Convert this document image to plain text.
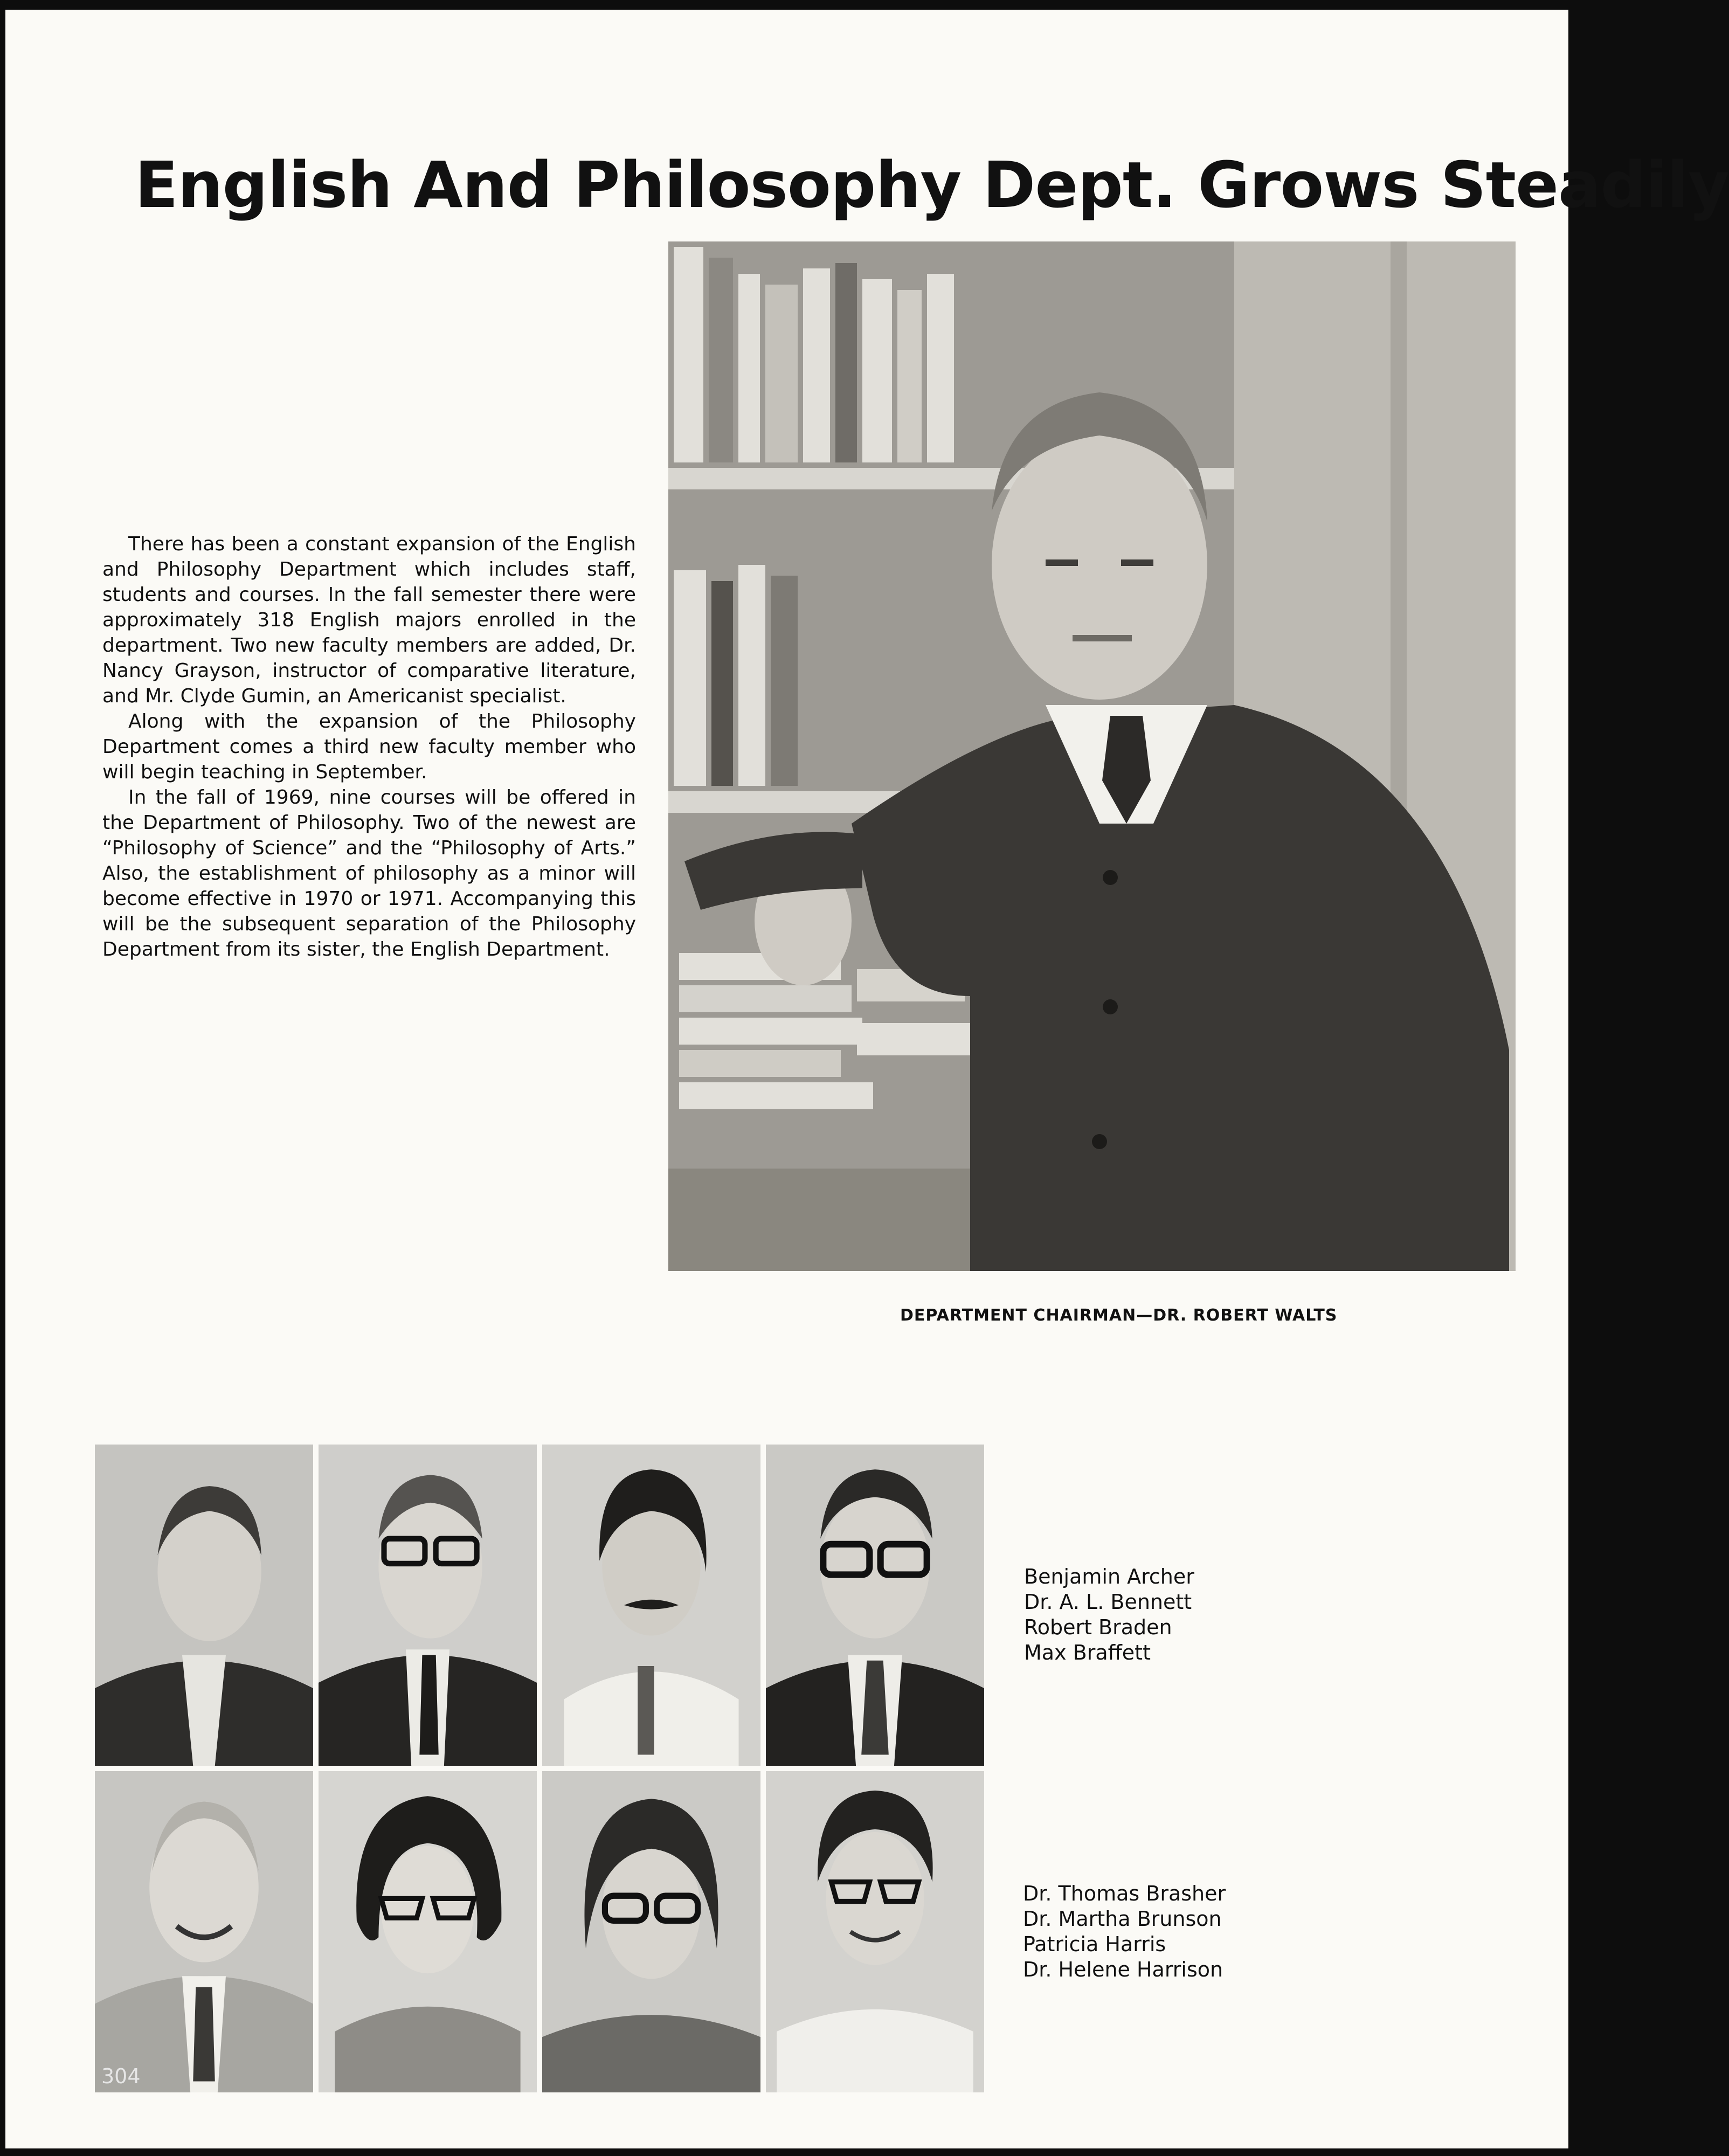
English And Philosophy Dept. Grows Steadily

There has been a constant expansion of the English and Philosophy Department which includes staff, students and courses. In the fall semester there were approximately 318 English majors enrolled in the department. Two new faculty members are added, Dr. Nancy Grayson, instructor of comparative literature, and Mr. Clyde Gumin, an Americanist specialist.

Along with the expansion of the Philosophy Department comes a third new faculty member who will begin teaching in September.

In the fall of 1969, nine courses will be offered in the Department of Philosophy. Two of the newest are “Philosophy of Science” and the “Philosophy of Arts.” Also, the establishment of philosophy as a minor will become effective in 1970 or 1971. Accompanying this will be the subsequent separation of the Philosophy Department from its sister, the English Department.

DEPARTMENT CHAIRMAN—DR. ROBERT WALTS
304
Benjamin Archer
Dr. A. L. Bennett
Robert Braden
Max Braffett
Dr. Thomas Brasher
Dr. Martha Brunson
Patricia Harris
Dr. Helene Harrison
